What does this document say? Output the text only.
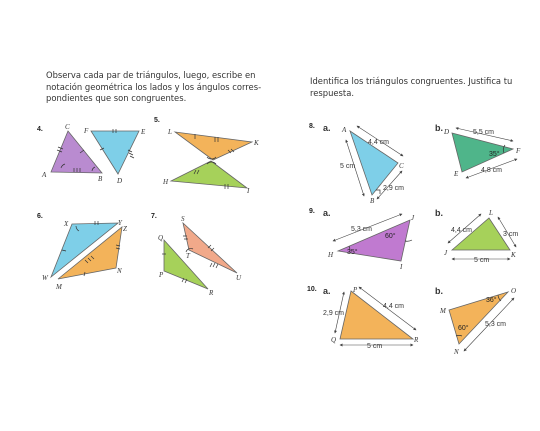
Observa cada par de triángulos, luego, escribe en
notación geométrica los lados y los ángulos corres-
pondientes que son congruentes.
Identifica los triángulos congruentes. Justifica tu
respuesta.
4.
A	B
C
D
E
F
5.
L
K
H
I
6.
X	Y
Z
W
M
N
7.	S
Q
T
U
P
R
8. a. A
B
C
4,4 cm
5 cm
2,9 cm
b. D
E
F
5,5 cm
4,8 cm
35°
9. a.
H
I
J
5,3 cm
60°
35°
b.
J
L
K
4,4 cm
3 cm
5 cm
10. a.	P
Q	R
2,9 cm
4,4 cm
5 cm
b.
M
N
O
36°
60°
5,3 cm
